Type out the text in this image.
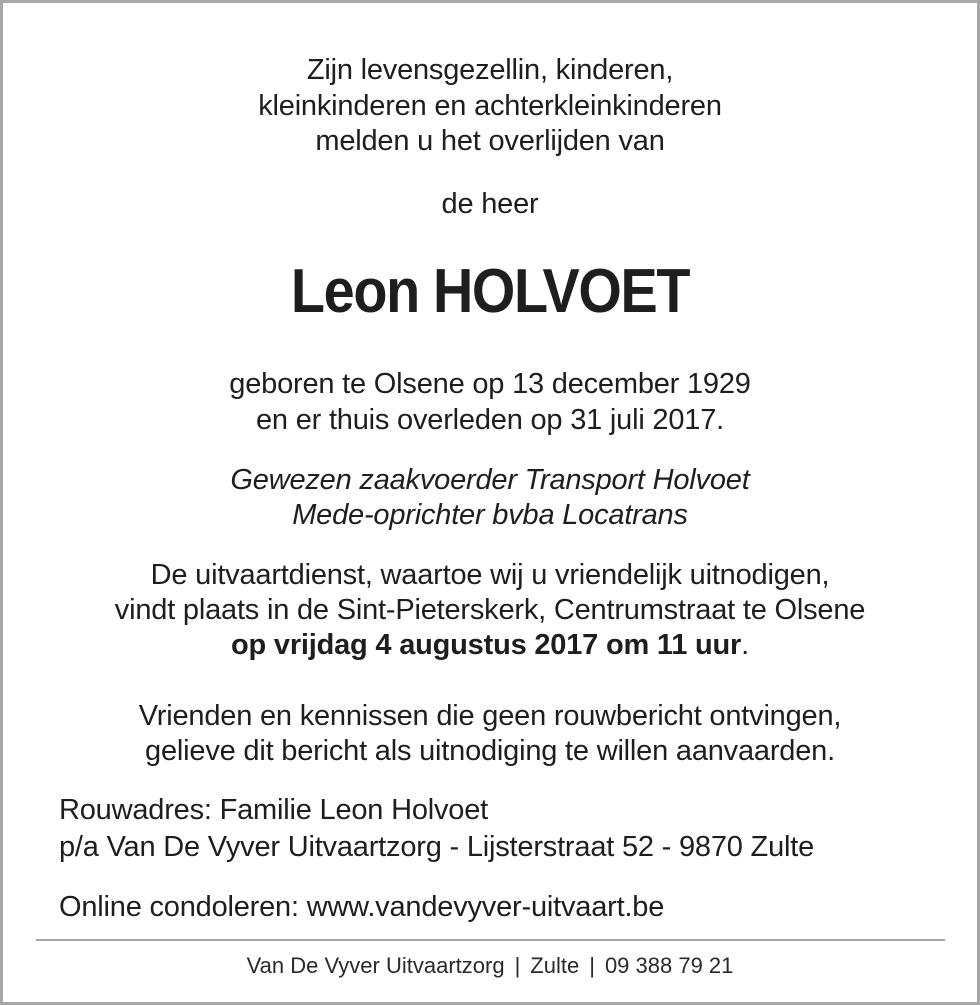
Zijn levensgezellin, kinderen,
kleinkinderen en achterkleinkinderen
melden u het overlijden van
de heer
Leon HOLVOET
geboren te Olsene op 13 december 1929
en er thuis overleden op 31 juli 2017.
Gewezen zaakvoerder Transport Holvoet
Mede-oprichter bvba Locatrans
De uitvaartdienst, waartoe wij u vriendelijk uitnodigen,
vindt plaats in de Sint-Pieterskerk, Centrumstraat te Olsene
op vrijdag 4 augustus 2017 om 11 uur.
Vrienden en kennissen die geen rouwbericht ontvingen,
gelieve dit bericht als uitnodiging te willen aanvaarden.
Rouwadres: Familie Leon Holvoet
p/a Van De Vyver Uitvaartzorg - Lijsterstraat 52 - 9870 Zulte
Online condoleren: www.vandevyver-uitvaart.be
Van De Vyver Uitvaartzorg | Zulte | 09 388 79 21
